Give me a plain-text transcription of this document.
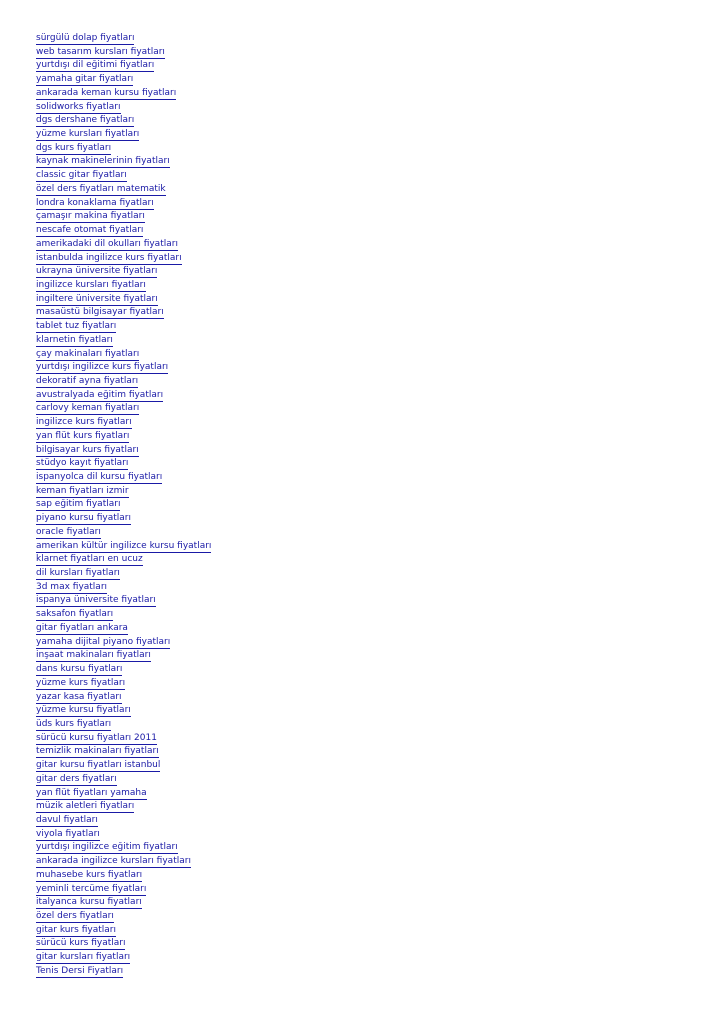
sürgülü dolap fiyatları
web tasarım kursları fiyatları
yurtdışı dil eğitimi fiyatları
yamaha gitar fiyatları
ankarada keman kursu fiyatları
solidworks fiyatları
dgs dershane fiyatları
yüzme kursları fiyatları
dgs kurs fiyatları
kaynak makinelerinin fiyatları
classic gitar fiyatları
özel ders fiyatları matematik
londra konaklama fiyatları
çamaşır makina fiyatları
nescafe otomat fiyatları
amerikadaki dil okulları fiyatları
istanbulda ingilizce kurs fiyatları
ukrayna üniversite fiyatları
ingilizce kursları fiyatları
ingiltere üniversite fiyatları
masaüstü bilgisayar fiyatları
tablet tuz fiyatları
klarnetin fiyatları
çay makinaları fiyatları
yurtdışı ingilizce kurs fiyatları
dekoratif ayna fiyatları
avustralyada eğitim fiyatları
carlovy keman fiyatları
ingilizce kurs fiyatları
yan flüt kurs fiyatları
bilgisayar kurs fiyatları
stüdyo kayıt fiyatları
ispanyolca dil kursu fiyatları
keman fiyatları izmir
sap eğitim fiyatları
piyano kursu fiyatları
oracle fiyatları
amerikan kültür ingilizce kursu fiyatları
klarnet fiyatları en ucuz
dil kursları fiyatları
3d max fiyatları
ispanya üniversite fiyatları
saksafon fiyatları
gitar fiyatları ankara
yamaha dijital piyano fiyatları
inşaat makinaları fiyatları
dans kursu fiyatları
yüzme kurs fiyatları
yazar kasa fiyatları
yüzme kursu fiyatları
üds kurs fiyatları
sürücü kursu fiyatları 2011
temizlik makinaları fiyatları
gitar kursu fiyatları istanbul
gitar ders fiyatları
yan flüt fiyatları yamaha
müzik aletleri fiyatları
davul fiyatları
viyola fiyatları
yurtdışı ingilizce eğitim fiyatları
ankarada ingilizce kursları fiyatları
muhasebe kurs fiyatları
yeminli tercüme fiyatları
italyanca kursu fiyatları
özel ders fiyatları
gitar kurs fiyatları
sürücü kurs fiyatları
gitar kursları fiyatları
Tenis Dersi Fiyatları
